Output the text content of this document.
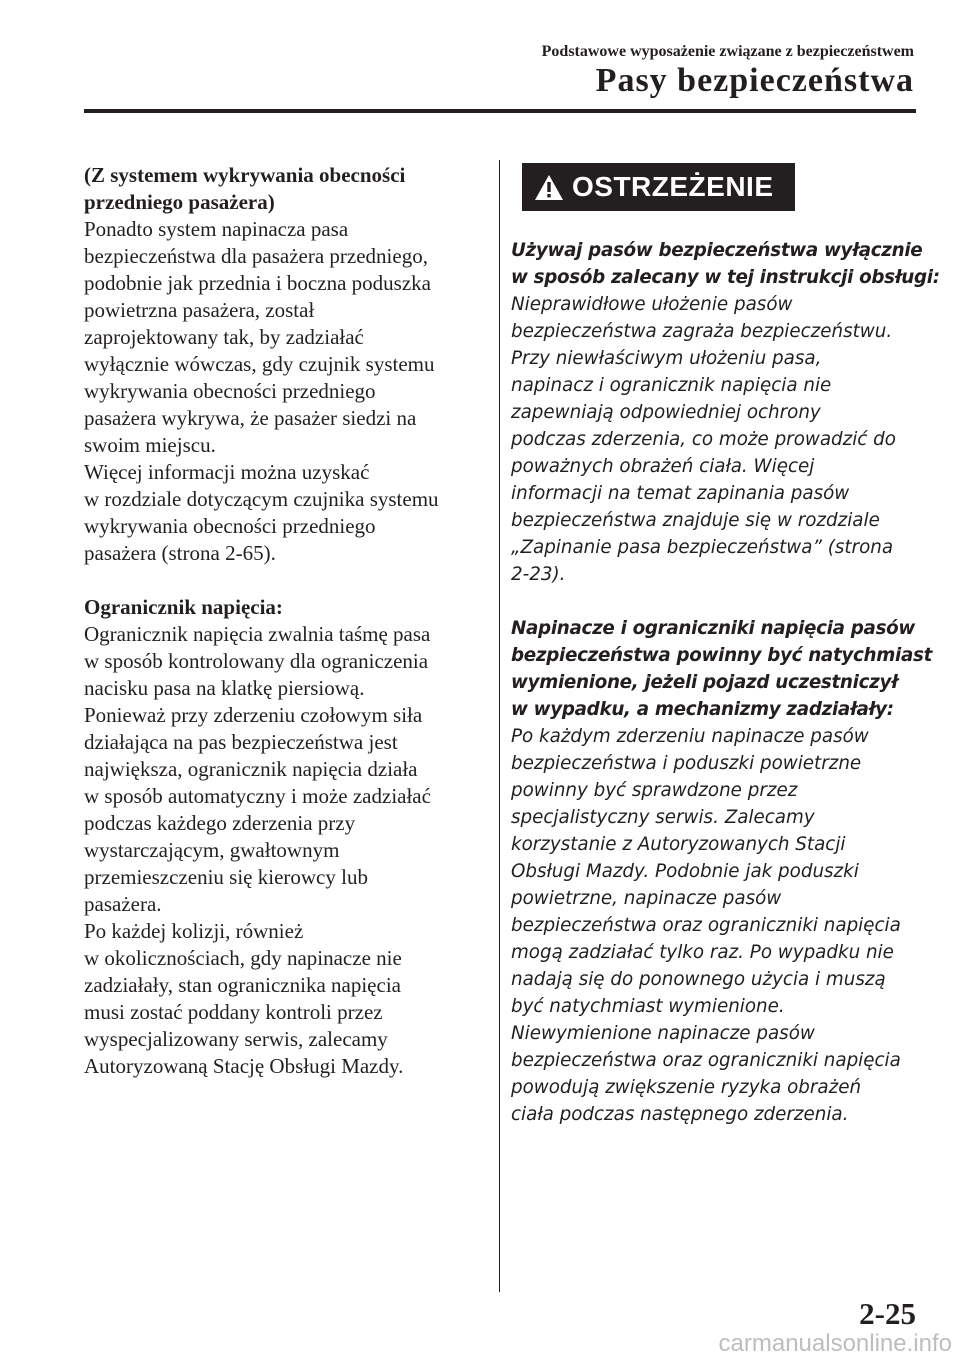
Podstawowe wyposażenie związane z bezpieczeństwem
Pasy bezpieczeństwa

(Z systemem wykrywania obecności

przedniego pasażera)

Ponadto system napinacza pasa

bezpieczeństwa dla pasażera przedniego,

podobnie jak przednia i boczna poduszka

powietrzna pasażera, został

zaprojektowany tak, by zadziałać

wyłącznie wówczas, gdy czujnik systemu

wykrywania obecności przedniego

pasażera wykrywa, że pasażer siedzi na

swoim miejscu.

Więcej informacji można uzyskać

w rozdziale dotyczącym czujnika systemu

wykrywania obecności przedniego

pasażera (strona 2-65).

Ogranicznik napięcia:

Ogranicznik napięcia zwalnia taśmę pasa

w sposób kontrolowany dla ograniczenia

nacisku pasa na klatkę piersiową.

Ponieważ przy zderzeniu czołowym siła

działająca na pas bezpieczeństwa jest

największa, ogranicznik napięcia działa

w sposób automatyczny i może zadziałać

podczas każdego zderzenia przy

wystarczającym, gwałtownym

przemieszczeniu się kierowcy lub

pasażera.

Po każdej kolizji, również

w okolicznościach, gdy napinacze nie

zadziałały, stan ogranicznika napięcia

musi zostać poddany kontroli przez

wyspecjalizowany serwis, zalecamy

Autoryzowaną Stację Obsługi Mazdy.

OSTRZEŻENIE

Używaj pasów bezpieczeństwa wyłącznie

w sposób zalecany w tej instrukcji obsługi:

Nieprawidłowe ułożenie pasów

bezpieczeństwa zagraża bezpieczeństwu.

Przy niewłaściwym ułożeniu pasa,

napinacz i ogranicznik napięcia nie

zapewniają odpowiedniej ochrony

podczas zderzenia, co może prowadzić do

poważnych obrażeń ciała. Więcej

informacji na temat zapinania pasów

bezpieczeństwa znajduje się w rozdziale

„Zapinanie pasa bezpieczeństwa” (strona

2-23).

Napinacze i ograniczniki napięcia pasów

bezpieczeństwa powinny być natychmiast

wymienione, jeżeli pojazd uczestniczył

w wypadku, a mechanizmy zadziałały:

Po każdym zderzeniu napinacze pasów

bezpieczeństwa i poduszki powietrzne

powinny być sprawdzone przez

specjalistyczny serwis. Zalecamy

korzystanie z Autoryzowanych Stacji

Obsługi Mazdy. Podobnie jak poduszki

powietrzne, napinacze pasów

bezpieczeństwa oraz ograniczniki napięcia

mogą zadziałać tylko raz. Po wypadku nie

nadają się do ponownego użycia i muszą

być natychmiast wymienione.

Niewymienione napinacze pasów

bezpieczeństwa oraz ograniczniki napięcia

powodują zwiększenie ryzyka obrażeń

ciała podczas następnego zderzenia.

2-25
carmanualsonline.info
